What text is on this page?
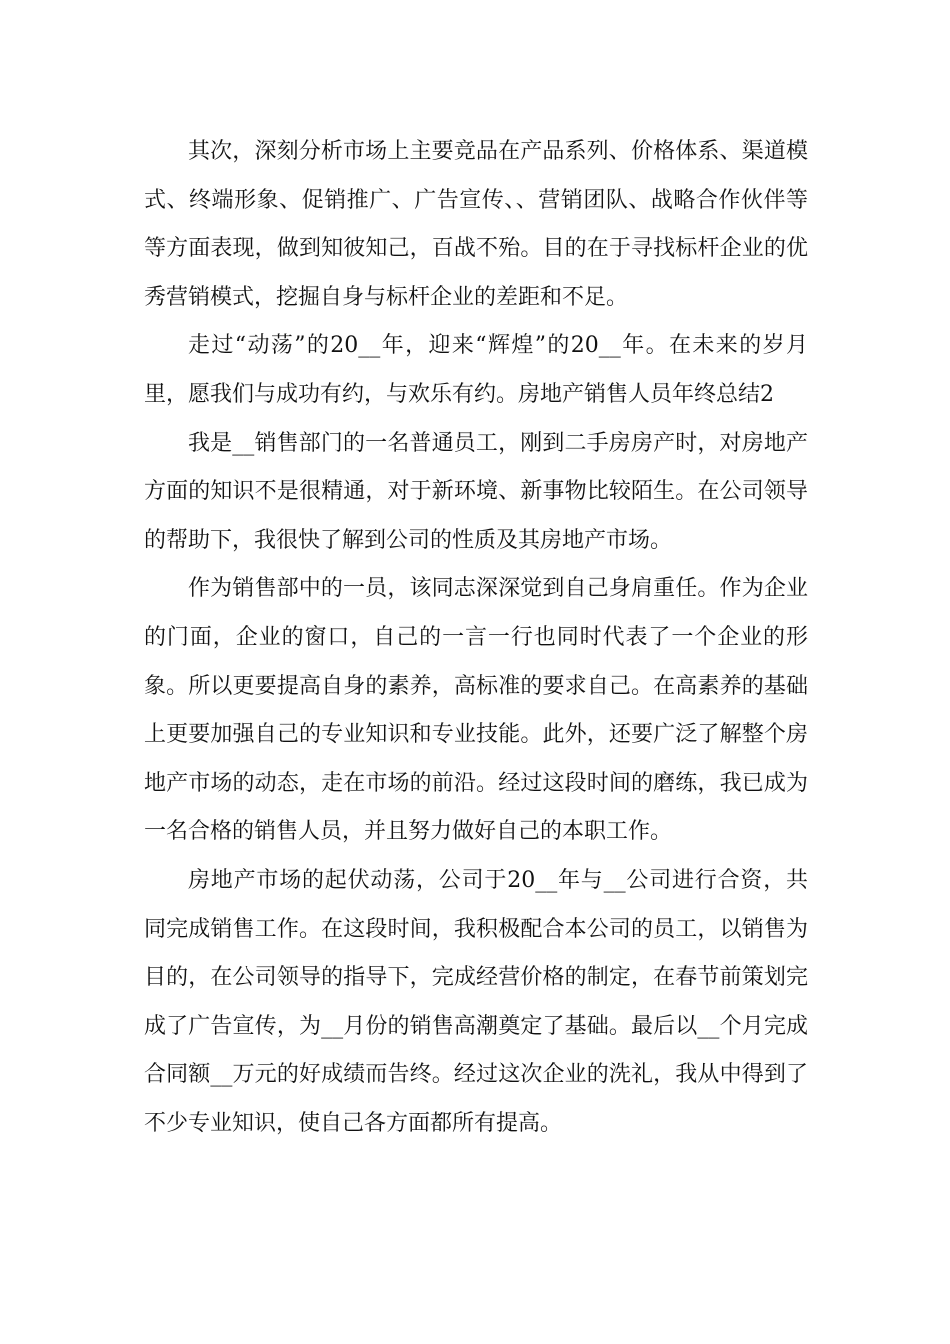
其次，深刻分析市场上主要竞品在产品系列、价格体系、渠道模式、终端形象、促销推广、广告宣传、、营销团队、战略合作伙伴等等方面表现，做到知彼知己，百战不殆。目的在于寻找标杆企业的优秀营销模式，挖掘自身与标杆企业的差距和不足。

走过“动荡”的20__年，迎来“辉煌”的20__年。在未来的岁月里，愿我们与成功有约，与欢乐有约。房地产销售人员年终总结2

我是__销售部门的一名普通员工，刚到二手房房产时，对房地产方面的知识不是很精通，对于新环境、新事物比较陌生。在公司领导的帮助下，我很快了解到公司的性质及其房地产市场。

作为销售部中的一员，该同志深深觉到自己身肩重任。作为企业的门面，企业的窗口，自己的一言一行也同时代表了一个企业的形象。所以更要提高自身的素养，高标准的要求自己。在高素养的基础上更要加强自己的专业知识和专业技能。此外，还要广泛了解整个房地产市场的动态，走在市场的前沿。经过这段时间的磨练，我已成为一名合格的销售人员，并且努力做好自己的本职工作。

房地产市场的起伏动荡，公司于20__年与__公司进行合资，共同完成销售工作。在这段时间，我积极配合本公司的员工，以销售为目的，在公司领导的指导下，完成经营价格的制定，在春节前策划完成了广告宣传，为__月份的销售高潮奠定了基础。最后以__个月完成合同额__万元的好成绩而告终。经过这次企业的洗礼，我从中得到了不少专业知识，使自己各方面都所有提高。
